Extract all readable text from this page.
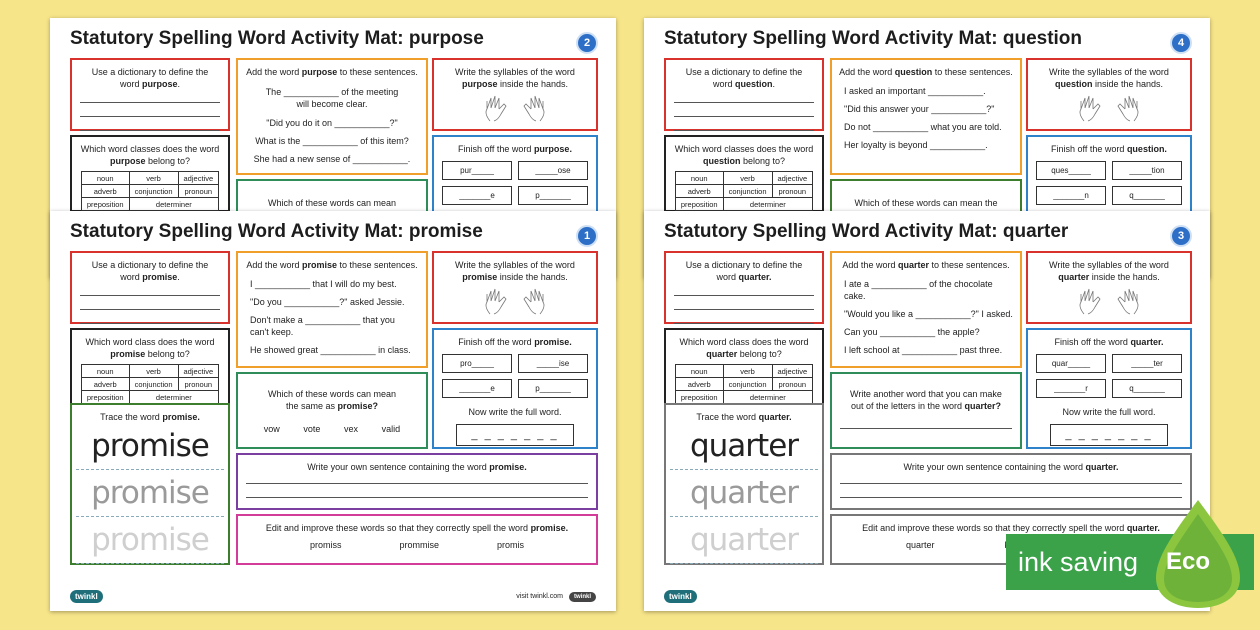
Statutory Spelling Word Activity Mat: purpose	2
Use a dictionary to define the
word purpose.
Add the word purpose to these sentences.
The ___________ of the meeting will become clear.
"Did you do it on ___________?"
What is the ___________ of this item?
She had a new sense of ___________.
Write the syllables of the word
purpose inside the hands.
Which word classes does the word
purpose belong to?
noun	verb	adjective
adverb	conjunction	pronoun
preposition	determiner	
Finish off the word purpose.
pur_____	_____ose
_______e	p_______
Which of these words can mean
Statutory Spelling Word Activity Mat: question	4
Use a dictionary to define the
word question.
Add the word question to these sentences.
I asked an important ___________.
"Did this answer your ___________?"
Do not ___________ what you are told.
Her loyalty is beyond ___________.
Write the syllables of the word
question inside the hands.
Which word classes does the word
question belong to?
noun	verb	adjective
adverb	conjunction	pronoun
preposition	determiner	
Finish off the word question.
ques_____	_____tion
_______n	q_______
Which of these words can mean the
Statutory Spelling Word Activity Mat: promise	1
Use a dictionary to define the
word promise.
Add the word promise to these sentences.
I ___________ that I will do my best.
"Do you ___________?" asked Jessie.
Don't make a ___________ that you can't keep.
He showed great ___________ in class.
Write the syllables of the word
promise inside the hands.
Which word class does the word
promise belong to?
noun	verb	adjective
adverb	conjunction	pronoun
preposition	determiner	
Finish off the word promise.
pro_____	_____ise
_______e	p_______
Now write the full word.
_ _ _ _ _ _ _
Which of these words can mean
the same as promise?
vow	vote	vex	valid
Trace the word promise.
promise
promise
promise
Write your own sentence containing the word promise.
Edit and improve these words so that they correctly spell the word promise.
promiss	prommise	promis
twinkl	visit twinkl.com	twinkl
Statutory Spelling Word Activity Mat: quarter	3
Use a dictionary to define the
word quarter.
Add the word quarter to these sentences.
I ate a ___________ of the chocolate cake.
"Would you like a ___________?" I asked.
Can you ___________ the apple?
I left school at ___________ past three.
Write the syllables of the word
quarter inside the hands.
Which word class does the word
quarter belong to?
noun	verb	adjective
adverb	conjunction	pronoun
preposition	determiner	
Finish off the word quarter.
quar_____	_____ter
_______r	q_______
Now write the full word.
_ _ _ _ _ _ _
Write another word that you can make
out of the letters in the word quarter?
Trace the word quarter.
quarter
quarter
quarter
Write your own sentence containing the word quarter.
Edit and improve these words so that they correctly spell the word quarter.
quarter
twinkl
ink saving Eco
